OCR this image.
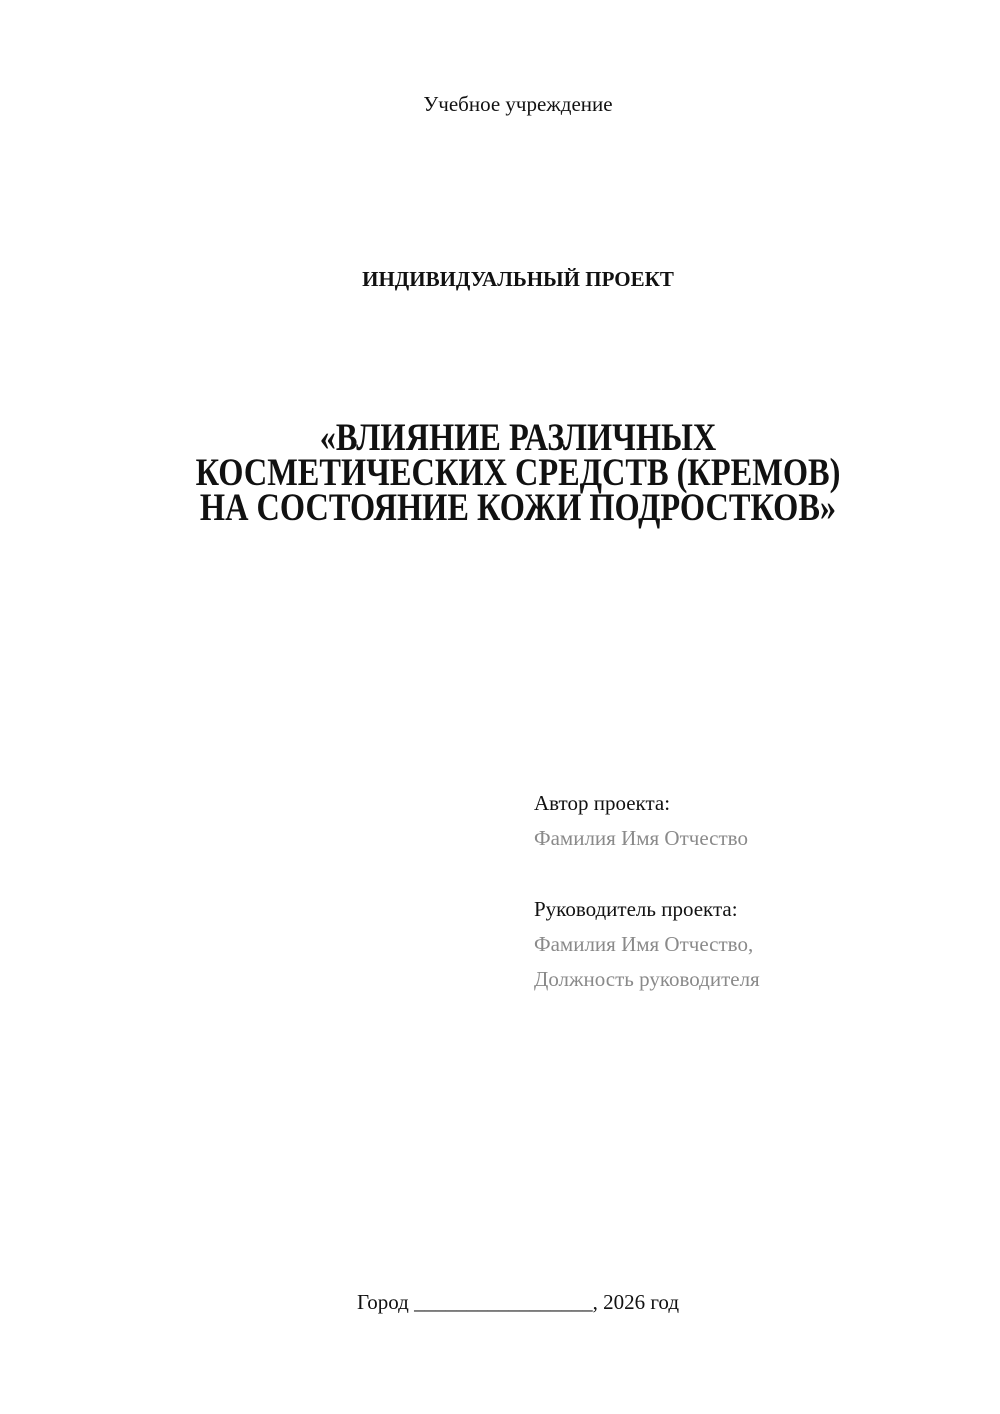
Учебное учреждение
ИНДИВИДУАЛЬНЫЙ ПРОЕКТ
«ВЛИЯНИЕ РАЗЛИЧНЫХ
КОСМЕТИЧЕСКИХ СРЕДСТВ (КРЕМОВ)
НА СОСТОЯНИЕ КОЖИ ПОДРОСТКОВ»
Автор проекта:
Фамилия Имя Отчество
Руководитель проекта:
Фамилия Имя Отчество,
Должность руководителя
Город _________________, 2026 год
